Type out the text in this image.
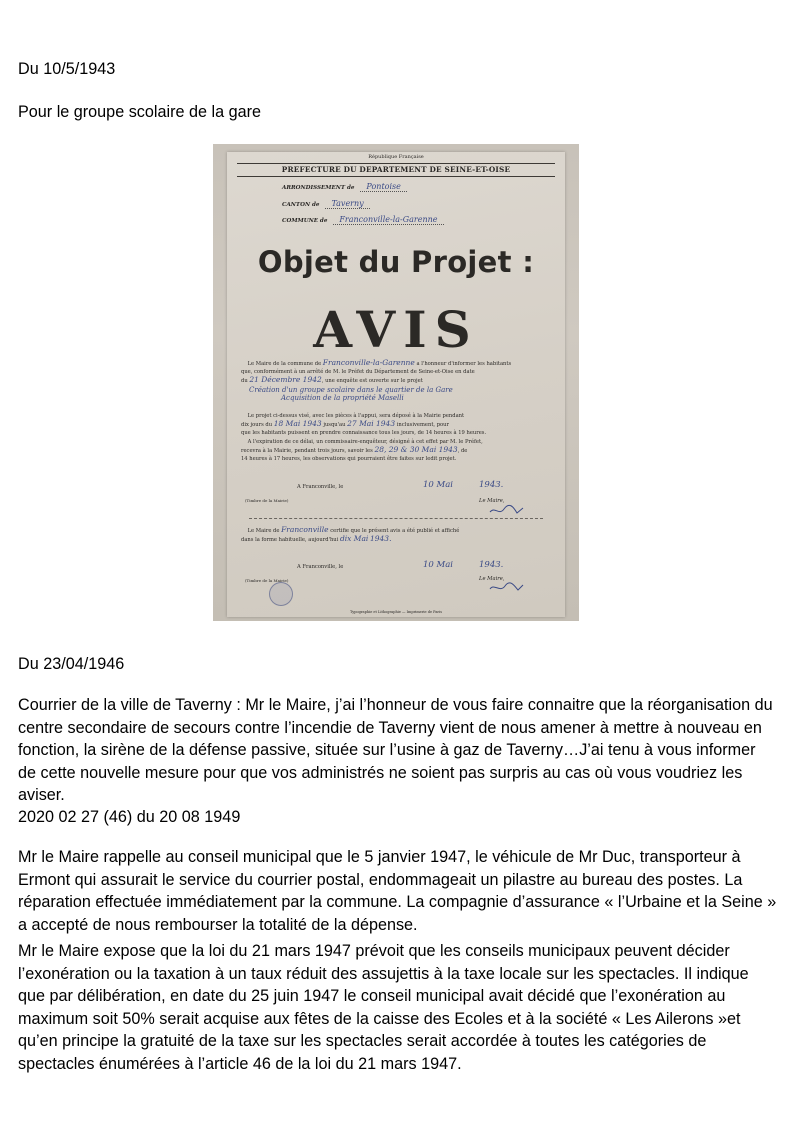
Du 10/5/1943

Pour le groupe scolaire de la gare

République Française
PREFECTURE DU DEPARTEMENT DE SEINE-ET-OISE
ARRONDISSEMENT de Pontoise
CANTON de Taverny
COMMUNE de Franconville-la-Garenne
Objet du Projet :
AVIS
Le Maire de la commune de Franconville-la-Garenne a l'honneur d'informer les habitants
que, conformément à un arrêté de M. le Préfet du Département de Seine-et-Oise en date
du 21 Décembre 1942, une enquête est ouverte sur le projet
Création d'un groupe scolaire dans le quartier de la Gare
Acquisition de la propriété Maselli
Le projet ci-dessus visé, avec les pièces à l'appui, sera déposé à la Mairie pendant
dix jours du 18 Mai 1943 jusqu'au 27 Mai 1943 inclusivement, pour
que les habitants puissent en prendre connaissance tous les jours, de 14 heures à 19 heures.
A l'expiration de ce délai, un commissaire-enquêteur, désigné à cet effet par M. le Préfet,
recevra à la Mairie, pendant trois jours, savoir les 28, 29 & 30 Mai 1943, de
14 heures à 17 heures, les observations qui pourraient être faites sur ledit projet.
A Franconville, le	10 Mai	1943.
(Timbre de la Mairie)	Le Maire,
Le Maire de Franconville certifie que le présent avis a été publié et affiché
dans la forme habituelle, aujourd'hui dix Mai 1943.
A Franconville, le	10 Mai	1943.
(Timbre de la Mairie)	Le Maire,
Typographie et Lithographie — Imprimerie de Paris

Du 23/04/1946

Courrier de la ville de Taverny : Mr le Maire, j’ai l’honneur de vous faire connaitre que la réorganisation du centre secondaire de secours contre l’incendie de Taverny vient de nous amener à mettre à nouveau en fonction, la sirène de la défense passive, située sur l’usine à gaz de Taverny…J’ai tenu à vous informer de cette nouvelle mesure pour que vos administrés ne soient pas surpris au cas où vous voudriez les aviser.

2020 02 27 (46) du 20 08 1949

Mr le Maire rappelle au conseil municipal que le 5 janvier 1947, le véhicule de Mr Duc, transporteur à Ermont qui assurait le service du courrier postal, endommageait un pilastre au bureau des postes. La réparation effectuée immédiatement par la commune. La compagnie d’assurance « l’Urbaine et la Seine » a accepté de nous rembourser la totalité de la dépense.

Mr le Maire expose que la loi du 21 mars 1947 prévoit que les conseils municipaux peuvent décider l’exonération ou la taxation à un taux réduit des assujettis à la taxe locale sur les spectacles. Il indique que par délibération, en date du 25 juin 1947 le conseil municipal avait décidé que l’exonération au maximum soit 50% serait acquise aux fêtes de la caisse des Ecoles et à la société « Les Ailerons »et qu’en principe la gratuité de la taxe sur les spectacles serait accordée à toutes les catégories de spectacles énumérées à l’article 46 de la loi du 21 mars 1947.
